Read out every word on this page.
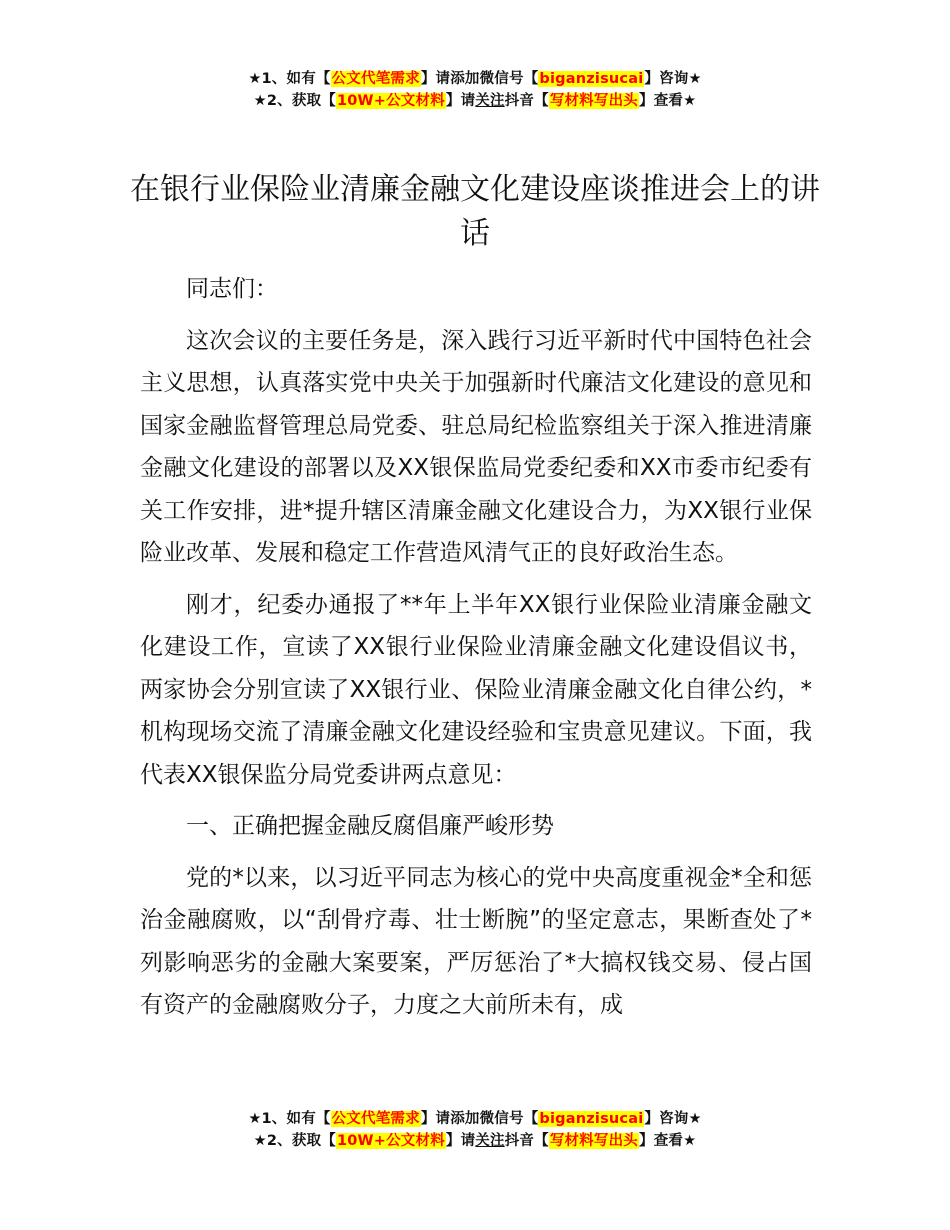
★1、如有【公文代笔需求】请添加微信号【biganzisucai】咨询★
★2、获取【10W+公文材料】请关注抖音【写材料写出头】查看★
在银行业保险业清廉金融文化建设座谈推进会上的讲话

同志们：

这次会议的主要任务是，深入践行习近平新时代中国特色社会主义思想，认真落实党中央关于加强新时代廉洁文化建设的意见和国家金融监督管理总局党委、驻总局纪检监察组关于深入推进清廉金融文化建设的部署以及XX银保监局党委纪委和XX市委市纪委有关工作安排，进*提升辖区清廉金融文化建设合力，为XX银行业保险业改革、发展和稳定工作营造风清气正的良好政治生态。

刚才，纪委办通报了**年上半年XX银行业保险业清廉金融文化建设工作，宣读了XX银行业保险业清廉金融文化建设倡议书，两家协会分别宣读了XX银行业、保险业清廉金融文化自律公约，*机构现场交流了清廉金融文化建设经验和宝贵意见建议。下面，我代表XX银保监分局党委讲两点意见：

一、正确把握金融反腐倡廉严峻形势

党的*以来，以习近平同志为核心的党中央高度重视金*全和惩治金融腐败，以“刮骨疗毒、壮士断腕”的坚定意志，果断查处了*列影响恶劣的金融大案要案，严厉惩治了*大搞权钱交易、侵占国有资产的金融腐败分子，力度之大前所未有，成

★1、如有【公文代笔需求】请添加微信号【biganzisucai】咨询★
★2、获取【10W+公文材料】请关注抖音【写材料写出头】查看★
